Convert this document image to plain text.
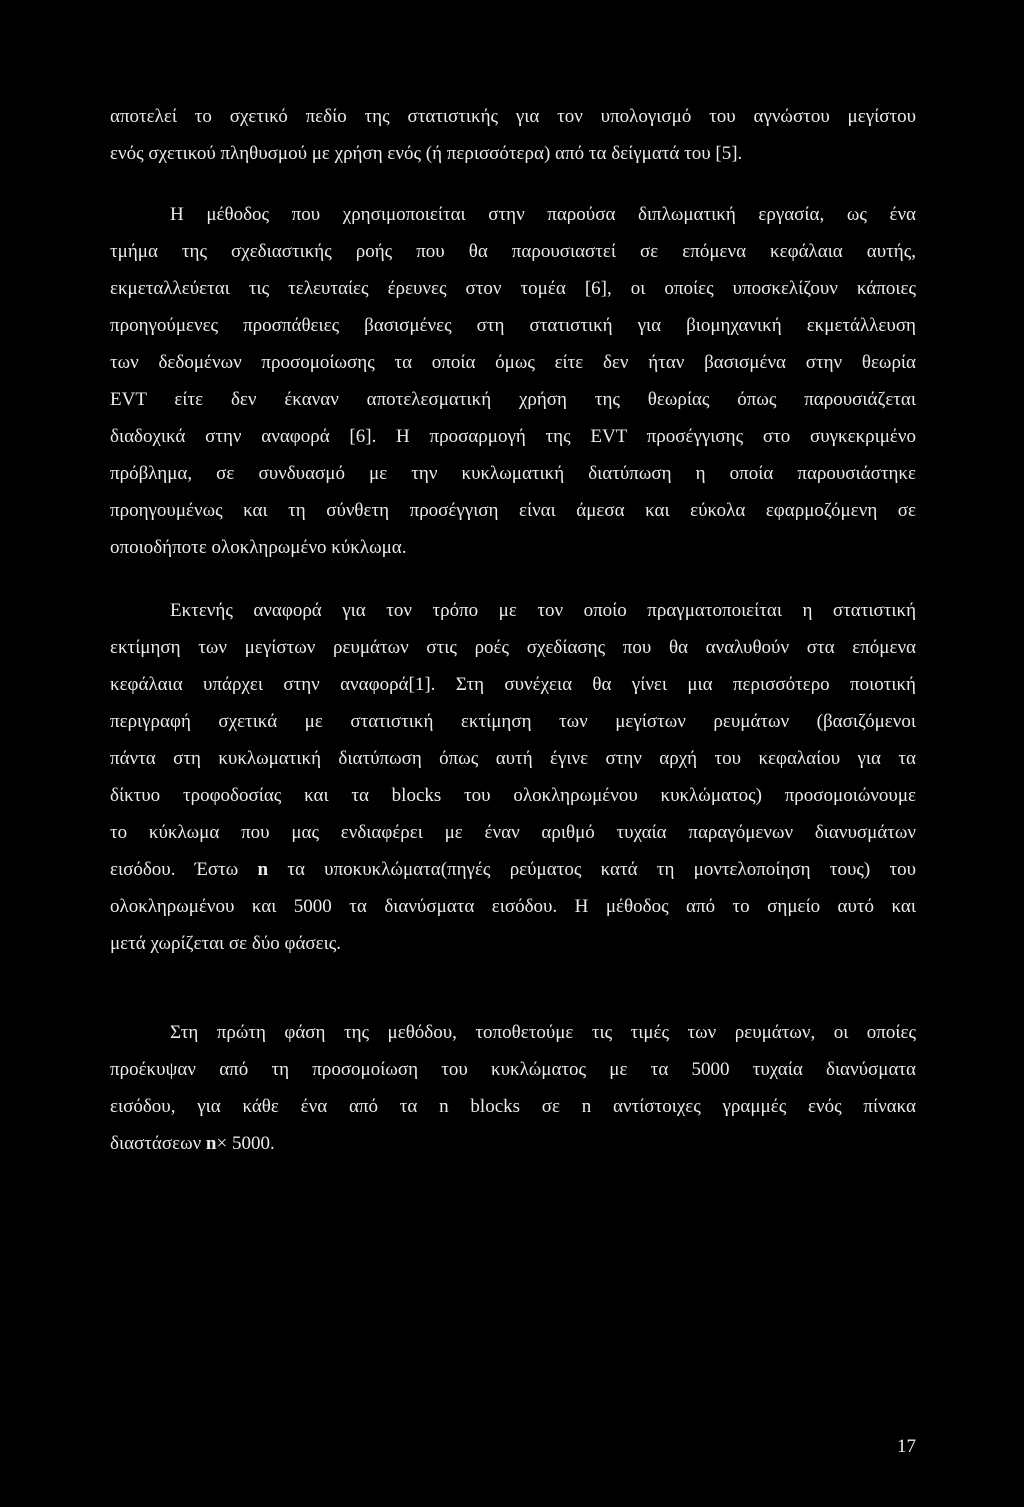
αποτελεί το σχετικό πεδίο της στατιστικής για τον υπολογισμό του αγνώστου μεγίστου
ενός σχετικού πληθυσμού με χρήση ενός (ή περισσότερα) από τα δείγματά του [5].
Η μέθοδος που χρησιμοποιείται στην παρούσα διπλωματική εργασία, ως ένα
τμήμα της σχεδιαστικής ροής που θα παρουσιαστεί σε επόμενα κεφάλαια αυτής,
εκμεταλλεύεται τις τελευταίες έρευνες στον τομέα [6], οι οποίες υποσκελίζουν κάποιες
προηγούμενες προσπάθειες βασισμένες στη στατιστική για βιομηχανική εκμετάλλευση
των δεδομένων προσομοίωσης τα οποία όμως είτε δεν ήταν βασισμένα στην θεωρία
EVT είτε δεν έκαναν αποτελεσματική χρήση της θεωρίας όπως παρουσιάζεται
διαδοχικά στην αναφορά [6]. Η προσαρμογή της EVT προσέγγισης στο συγκεκριμένο
πρόβλημα, σε συνδυασμό με την κυκλωματική διατύπωση η οποία παρουσιάστηκε
προηγουμένως και τη σύνθετη προσέγγιση είναι άμεσα και εύκολα εφαρμοζόμενη σε
οποιοδήποτε ολοκληρωμένο κύκλωμα.
Εκτενής αναφορά για τον τρόπο με τον οποίο πραγματοποιείται η στατιστική
εκτίμηση των μεγίστων ρευμάτων στις ροές σχεδίασης που θα αναλυθούν στα επόμενα
κεφάλαια υπάρχει στην αναφορά[1]. Στη συνέχεια θα γίνει μια περισσότερο ποιοτική
περιγραφή σχετικά με στατιστική εκτίμηση των μεγίστων ρευμάτων (βασιζόμενοι
πάντα στη κυκλωματική διατύπωση όπως αυτή έγινε στην αρχή του κεφαλαίου για τα
δίκτυο τροφοδοσίας και τα blocks του ολοκληρωμένου κυκλώματος) προσομοιώνουμε
το κύκλωμα που μας ενδιαφέρει με έναν αριθμό τυχαία παραγόμενων διανυσμάτων
εισόδου. Έστω n τα υποκυκλώματα(πηγές ρεύματος κατά τη μοντελοποίηση τους) του
ολοκληρωμένου και 5000 τα διανύσματα εισόδου. Η μέθοδος από το σημείο αυτό και
μετά χωρίζεται σε δύο φάσεις.
Στη πρώτη φάση της μεθόδου, τοποθετούμε τις τιμές των ρευμάτων, οι οποίες
προέκυψαν από τη προσομοίωση του κυκλώματος με τα 5000 τυχαία διανύσματα
εισόδου, για κάθε ένα από τα n blocks σε n αντίστοιχες γραμμές ενός πίνακα
διαστάσεων n× 5000.
17
